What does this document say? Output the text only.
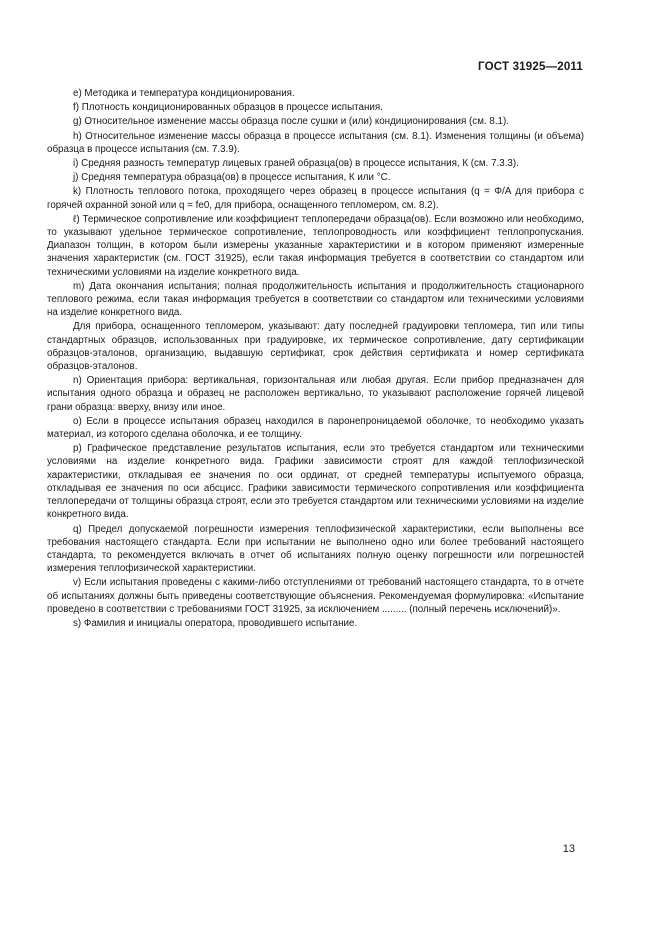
ГОСТ 31925—2011

e) Методика и температура кондиционирования.

f) Плотность кондиционированных образцов в процессе испытания.

g) Относительное изменение массы образца после сушки и (или) кондиционирования (см. 8.1).

h) Относительное изменение массы образца в процессе испытания (см. 8.1). Изменения толщины (и объема) образца в процессе испытания (см. 7.3.9).

i) Средняя разность температур лицевых граней образца(ов) в процессе испытания, К (см. 7.3.3).

j) Средняя температура образца(ов) в процессе испытания, К или °С.

k) Плотность теплового потока, проходящего через образец в процессе испытания (q = Φ/A для прибора с горячей охранной зоной или q = fe0, для прибора, оснащенного тепломером, см. 8.2).

ℓ) Термическое сопротивление или коэффициент теплопередачи образца(ов). Если возможно или необходимо, то указывают удельное термическое сопротивление, теплопроводность или коэффициент теплопропускания. Диапазон толщин, в котором были измерены указанные характеристики и в котором применяют измеренные значения характеристик (см. ГОСТ 31925), если такая информация требуется в соответствии со стандартом или техническими условиями на изделие конкретного вида.

m) Дата окончания испытания; полная продолжительность испытания и продолжительность стационарного теплового режима, если такая информация требуется в соответствии со стандартом или техническими условиями на изделие конкретного вида.

Для прибора, оснащенного тепломером, указывают: дату последней градуировки тепломера, тип или типы стандартных образцов, использованных при градуировке, их термическое сопротивление, дату сертификации образцов-эталонов, организацию, выдавшую сертификат, срок действия сертификата и номер сертификата образцов-эталонов.

n) Ориентация прибора: вертикальная, горизонтальная или любая другая. Если прибор предназначен для испытания одного образца и образец не расположен вертикально, то указывают расположение горячей лицевой грани образца: вверху, внизу или иное.

o) Если в процессе испытания образец находился в паронепроницаемой оболочке, то необходимо указать материал, из которого сделана оболочка, и ее толщину.

p) Графическое представление результатов испытания, если это требуется стандартом или техническими условиями на изделие конкретного вида. Графики зависимости строят для каждой теплофизической характеристики, откладывая ее значения по оси ординат, от средней температуры испытуемого образца, откладывая ее значения по оси абсцисс. Графики зависимости термического сопротивления или коэффициента теплопередачи от толщины образца строят, если это требуется стандартом или техническими условиями на изделие конкретного вида.

q) Предел допускаемой погрешности измерения теплофизической характеристики, если выполнены все требования настоящего стандарта. Если при испытании не выполнено одно или более требований настоящего стандарта, то рекомендуется включать в отчет об испытаниях полную оценку погрешности или погрешностей измерения теплофизической характеристики.

v) Если испытания проведены с какими-либо отступлениями от требований настоящего стандарта, то в отчете об испытаниях должны быть приведены соответствующие объяснения. Рекомендуемая формулировка: «Испытание проведено в соответствии с требованиями ГОСТ 31925, за исключением ......... (полный перечень исключений)».

s) Фамилия и инициалы оператора, проводившего испытание.

13
